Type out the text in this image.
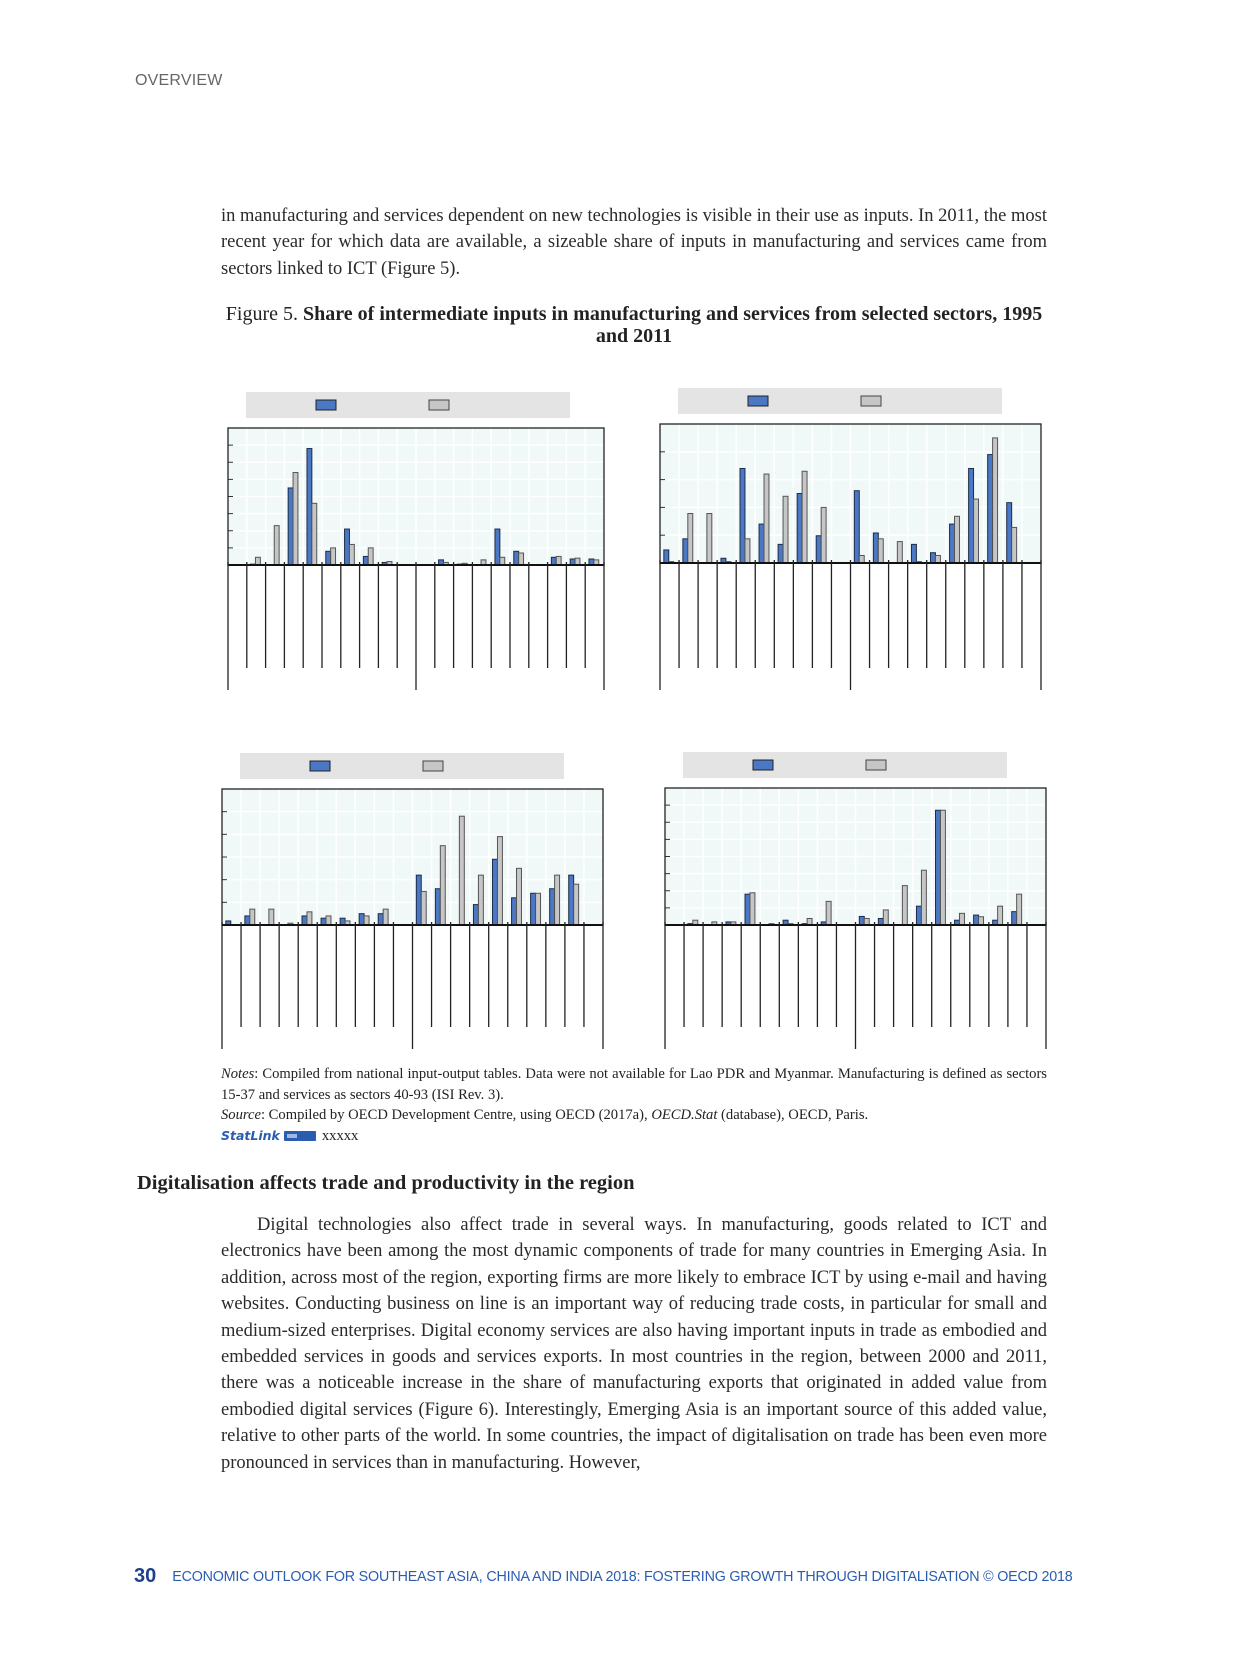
OVERVIEW

in manufacturing and services dependent on new technologies is visible in their use as inputs. In 2011, the most recent year for which data are available, a sizeable share of inputs in manufacturing and services came from sectors linked to ICT (Figure 5).

Figure 5. Share of intermediate inputs in manufacturing and services from selected sectors, 1995 and 2011
Notes: Compiled from national input-output tables. Data were not available for Lao PDR and Myanmar. Manufacturing is defined as sectors 15-37 and services as sectors 40-93 (ISI Rev. 3).
Source: Compiled by OECD Development Centre, using OECD (2017a), OECD.Stat (database), OECD, Paris.
StatLink	xxxxx
Digitalisation affects trade and productivity in the region

Digital technologies also affect trade in several ways. In manufacturing, goods related to ICT and electronics have been among the most dynamic components of trade for many countries in Emerging Asia. In addition, across most of the region, exporting firms are more likely to embrace ICT by using e-mail and having websites. Conducting business on line is an important way of reducing trade costs, in particular for small and medium-sized enterprises. Digital economy services are also having important inputs in trade as embodied and embedded services in goods and services exports. In most countries in the region, between 2000 and 2011, there was a noticeable increase in the share of manufacturing exports that originated in added value from embodied digital services (Figure 6). Interestingly, Emerging Asia is an important source of this added value, relative to other parts of the world. In some countries, the impact of digitalisation on trade has been even more pronounced in services than in manufacturing. However,

30 ECONOMIC OUTLOOK FOR SOUTHEAST ASIA, CHINA AND INDIA 2018: FOSTERING GROWTH THROUGH DIGITALISATION © OECD 2018
